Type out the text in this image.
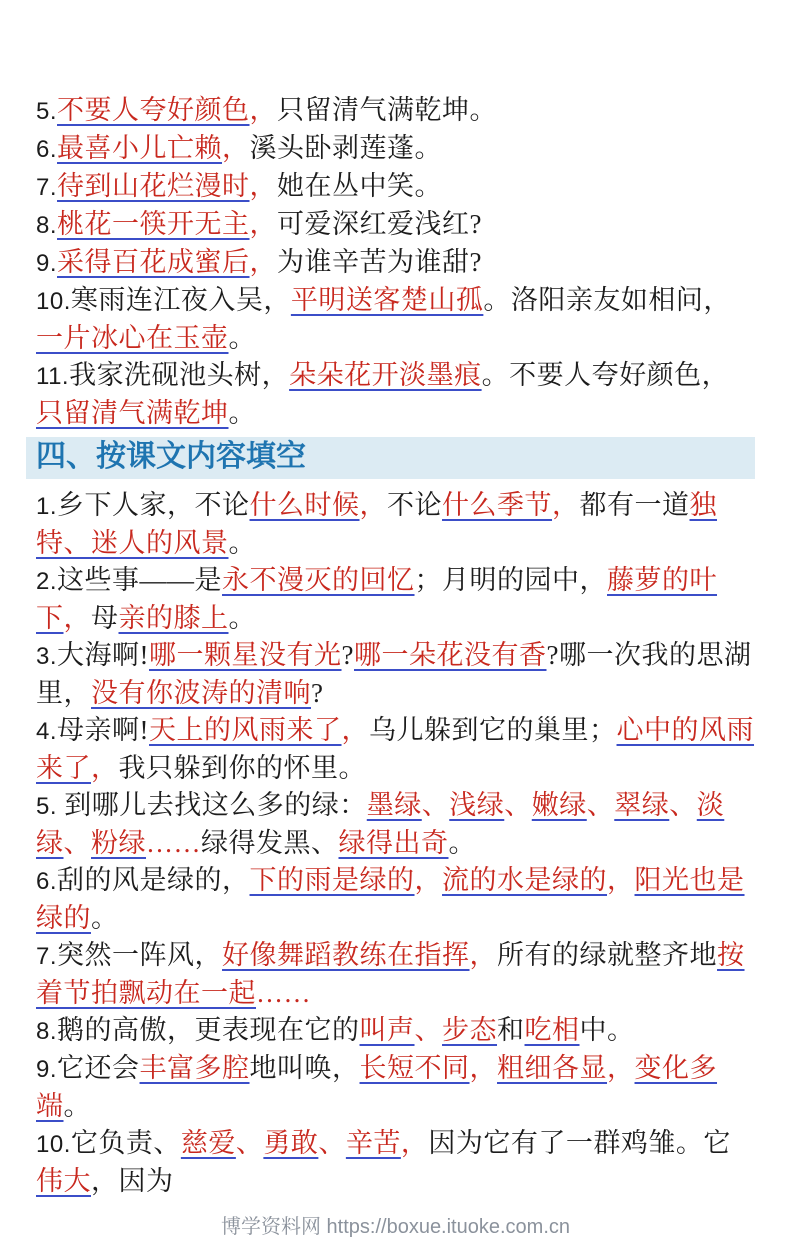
5.不要人夸好颜色，只留清气满乾坤。

6.最喜小儿亡赖，溪头卧剥莲蓬。

7.待到山花烂漫时，她在丛中笑。

8.桃花一筷开无主，可爱深红爱浅红?

9.采得百花成蜜后，为谁辛苦为谁甜?

10.寒雨连江夜入吴，平明送客楚山孤。洛阳亲友如相问，一片冰心在玉壶。

11.我家洗砚池头树，朵朵花开淡墨痕。不要人夸好颜色，只留清气满乾坤。

四、按课文内容填空

1.乡下人家，不论什么时候，不论什么季节，都有一道独特、迷人的风景。

2.这些事——是永不漫灭的回忆；月明的园中，藤萝的叶下，母亲的膝上。

3.大海啊!哪一颗星没有光?哪一朵花没有香?哪一次我的思湖里，没有你波涛的清响?

4.母亲啊!天上的风雨来了，乌儿躲到它的巢里；心中的风雨来了，我只躲到你的怀里。

5. 到哪儿去找这么多的绿：墨绿、浅绿、嫩绿、翠绿、淡绿、粉绿……绿得发黑、绿得出奇。

6.刮的风是绿的，下的雨是绿的，流的水是绿的，阳光也是绿的。

7.突然一阵风，好像舞蹈教练在指挥，所有的绿就整齐地按着节拍飘动在一起……

8.鹅的高傲，更表现在它的叫声、步态和吃相中。

9.它还会丰富多腔地叫唤，长短不同，粗细各显，变化多端。

10.它负责、慈爱、勇敢、辛苦，因为它有了一群鸡雏。它伟大，因为

博学资料网 https://boxue.ituoke.com.cn
